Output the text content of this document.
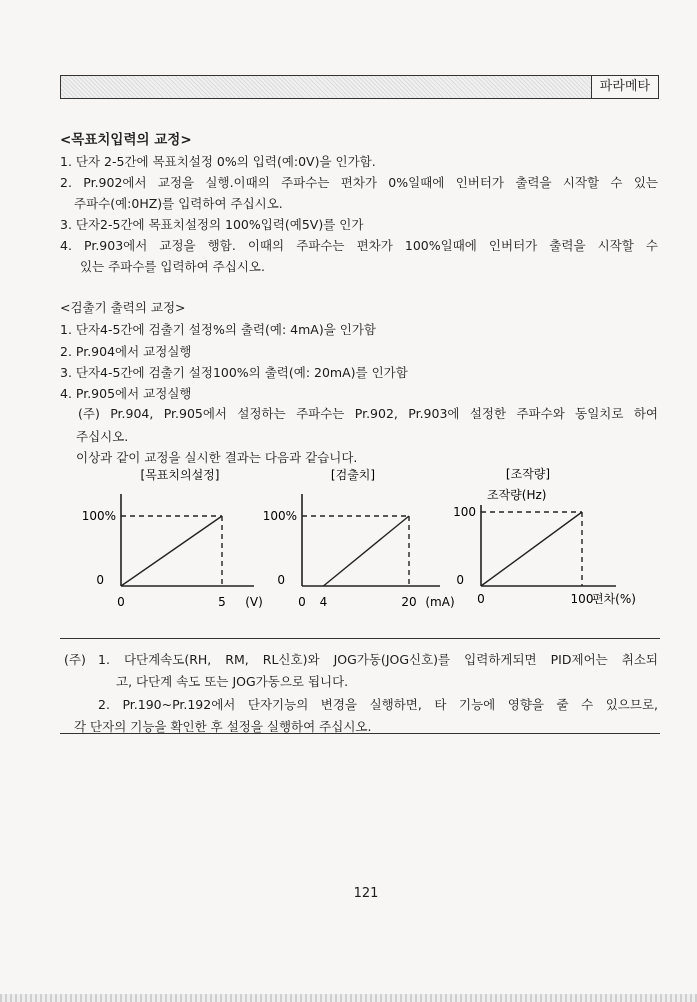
파라메타
<목표치입력의 교정>
1. 단자 2-5간에 목표치설정 0%의 입력(예:0V)을 인가함.
2. Pr.902에서 교정을 실행.이때의 주파수는 편차가 0%일때에 인버터가 출력을 시작할 수 있는
주파수(예:0HZ)를 입력하여 주십시오.
3. 단자2-5간에 목표치설정의 100%입력(예5V)를 인가
4. Pr.903에서 교정을 행함. 이때의 주파수는 편차가 100%일때에 인버터가 출력을 시작할 수
있는 주파수를 입력하여 주십시오.
<검출기 출력의 교정>
1. 단자4-5간에 검출기 설정%의 출력(예: 4mA)을 인가함
2. Pr.904에서 교정실행
3. 단자4-5간에 검출기 설정100%의 출력(예: 20mA)를 인가함
4. Pr.905에서 교정실행
(주) Pr.904, Pr.905에서 설정하는 주파수는 Pr.902, Pr.903에 설정한 주파수와 동일치로 하여
주십시오.
이상과 같이 교정을 실시한 결과는 다음과 같습니다.
[목표치의설정]
100%
0
0	5 (V)
[검출치]
100%
0
0 4	20 (mA)
[조작량]
조작량(Hz)
100
0
0	100
편차(%)
(주) 1. 다단계속도(RH, RM, RL신호)와 JOG가동(JOG신호)를 입력하게되면 PID제어는 취소되
고, 다단계 속도 또는 JOG가동으로 됩니다.
2. Pr.190~Pr.192에서 단자기능의 변경을 실행하면, 타 기능에 영향을 줄 수 있으므로,
각 단자의 기능을 확인한 후 설정을 실행하여 주십시오.
121
